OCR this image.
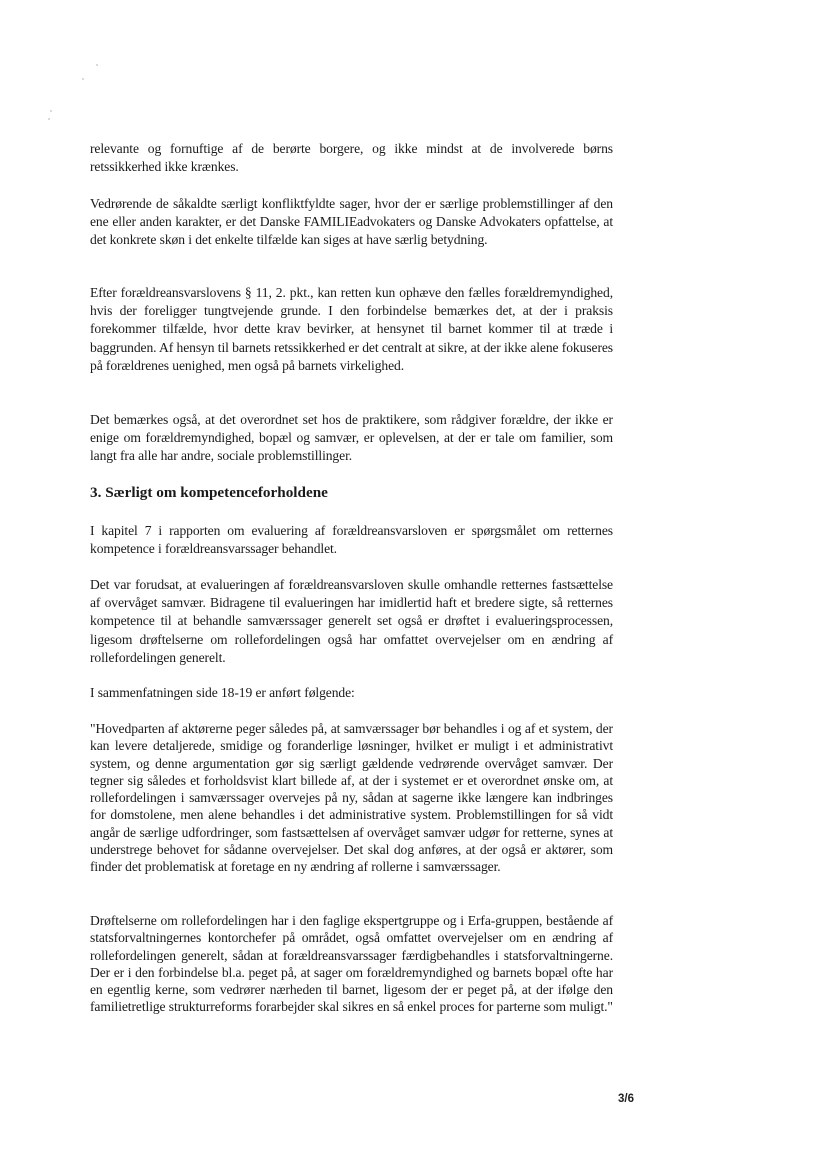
relevante og fornuftige af de berørte borgere, og ikke mindst at de involverede børns retssikkerhed ikke krænkes.

Vedrørende de såkaldte særligt konfliktfyldte sager, hvor der er særlige problemstillinger af den ene eller anden karakter, er det Danske FAMILIEadvokaters og Danske Advokaters opfattelse, at det konkrete skøn i det enkelte tilfælde kan siges at have særlig betydning.

Efter forældreansvarslovens § 11, 2. pkt., kan retten kun ophæve den fælles forældremyndighed, hvis der foreligger tungtvejende grunde. I den forbindelse bemærkes det, at der i praksis forekommer tilfælde, hvor dette krav bevirker, at hensynet til barnet kommer til at træde i baggrunden. Af hensyn til barnets retssikkerhed er det centralt at sikre, at der ikke alene fokuseres på forældrenes uenighed, men også på barnets virkelighed.

Det bemærkes også, at det overordnet set hos de praktikere, som rådgiver forældre, der ikke er enige om forældremyndighed, bopæl og samvær, er oplevelsen, at der er tale om familier, som langt fra alle har andre, sociale problemstillinger.

3. Særligt om kompetenceforholdene

I kapitel 7 i rapporten om evaluering af forældreansvarsloven er spørgsmålet om retternes kompetence i forældreansvarssager behandlet.

Det var forudsat, at evalueringen af forældreansvarsloven skulle omhandle retternes fastsættelse af overvåget samvær. Bidragene til evalueringen har imidlertid haft et bredere sigte, så retternes kompetence til at behandle samværssager generelt set også er drøftet i evalueringsprocessen, ligesom drøftelserne om rollefordelingen også har omfattet overvejelser om en ændring af rollefordelingen generelt.

I sammenfatningen side 18-19 er anført følgende:

"Hovedparten af aktørerne peger således på, at samværssager bør behandles i og af et system, der kan levere detaljerede, smidige og foranderlige løsninger, hvilket er muligt i et administrativt system, og denne argumentation gør sig særligt gældende vedrørende overvåget samvær. Der tegner sig således et forholdsvist klart billede af, at der i systemet er et overordnet ønske om, at rollefordelingen i samværssager overvejes på ny, sådan at sagerne ikke længere kan indbringes for domstolene, men alene behandles i det administrative system. Problemstillingen for så vidt angår de særlige udfordringer, som fastsættelsen af overvåget samvær udgør for retterne, synes at understrege behovet for sådanne overvejelser. Det skal dog anføres, at der også er aktører, som finder det problematisk at foretage en ny ændring af rollerne i samværssager.

Drøftelserne om rollefordelingen har i den faglige ekspertgruppe og i Erfa-gruppen, bestående af statsforvaltningernes kontorchefer på området, også omfattet overvejelser om en ændring af rollefordelingen generelt, sådan at forældreansvarssager færdigbehandles i statsforvaltningerne. Der er i den forbindelse bl.a. peget på, at sager om forældremyndighed og barnets bopæl ofte har en egentlig kerne, som vedrører nærheden til barnet, ligesom der er peget på, at der ifølge den familietretlige strukturreforms forarbejder skal sikres en så enkel proces for parterne som muligt."

3/6
